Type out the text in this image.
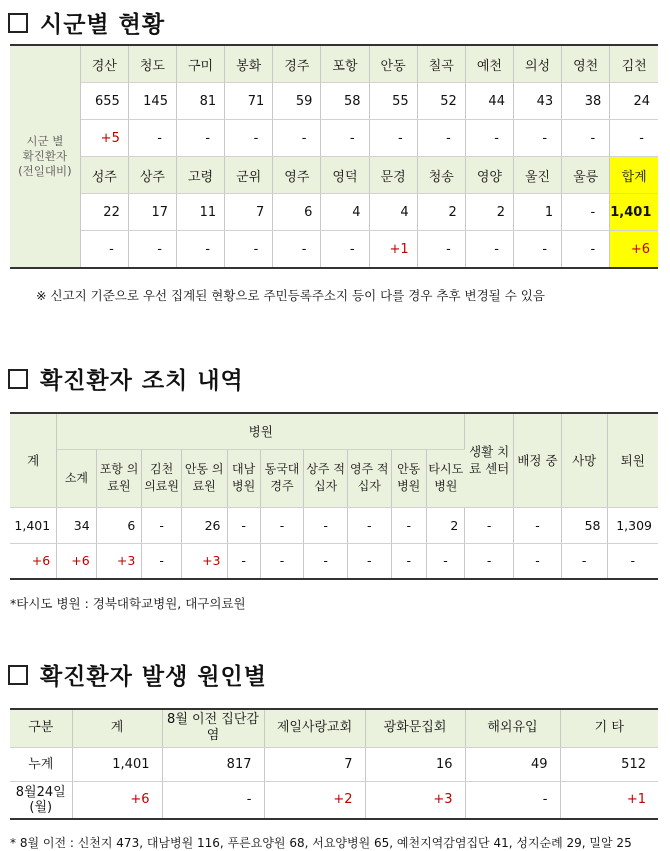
시군별 현황
시군 별
확진환자
(전일대비)	경산	청도	구미	봉화	경주	포항	안동	칠곡	예천	의성	영천	김천
	655	145	81	71	59	58	55	52	44	43	38	24
	+5	-	-	-	-	-	-	-	-	-	-	-
	성주	상주	고령	군위	영주	영덕	문경	청송	영양	울진	울릉	합계
	22	17	11	7	6	4	4	2	2	1	-	1,401
	-	-	-	-	-	-	+1	-	-	-	-	+6
※ 신고지 기준으로 우선 집계된 현황으로 주민등록주소지 등이 다를 경우 추후 변경될 수 있음
확진환자 조치 내역
계	병원										생활 치료 센터	배정 중	사망	퇴원
	소계	포항 의료원	김천 의료원	안동 의료원	대남 병원	동국대 경주	상주 적십자	영주 적십자	안동 병원	타시도 병원				
1,401	34	6	-	26	-	-	-	-	-	2	-	-	58	1,309
+6	+6	+3	-	+3	-	-	-	-	-	-	-	-	-	-
*타시도 병원 : 경북대학교병원, 대구의료원
확진환자 발생 원인별
구분	계	8월 이전 집단감염	제일사랑교회	광화문집회	해외유입	기 타
누계	1,401	817	7	16	49	512
8월24일 (월)	+6	-	+2	+3	-	+1
* 8월 이전 : 신천지 473, 대남병원 116, 푸른요양원 68, 서요양병원 65, 예천지역감염집단 41, 성지순례 29, 밀알 25
